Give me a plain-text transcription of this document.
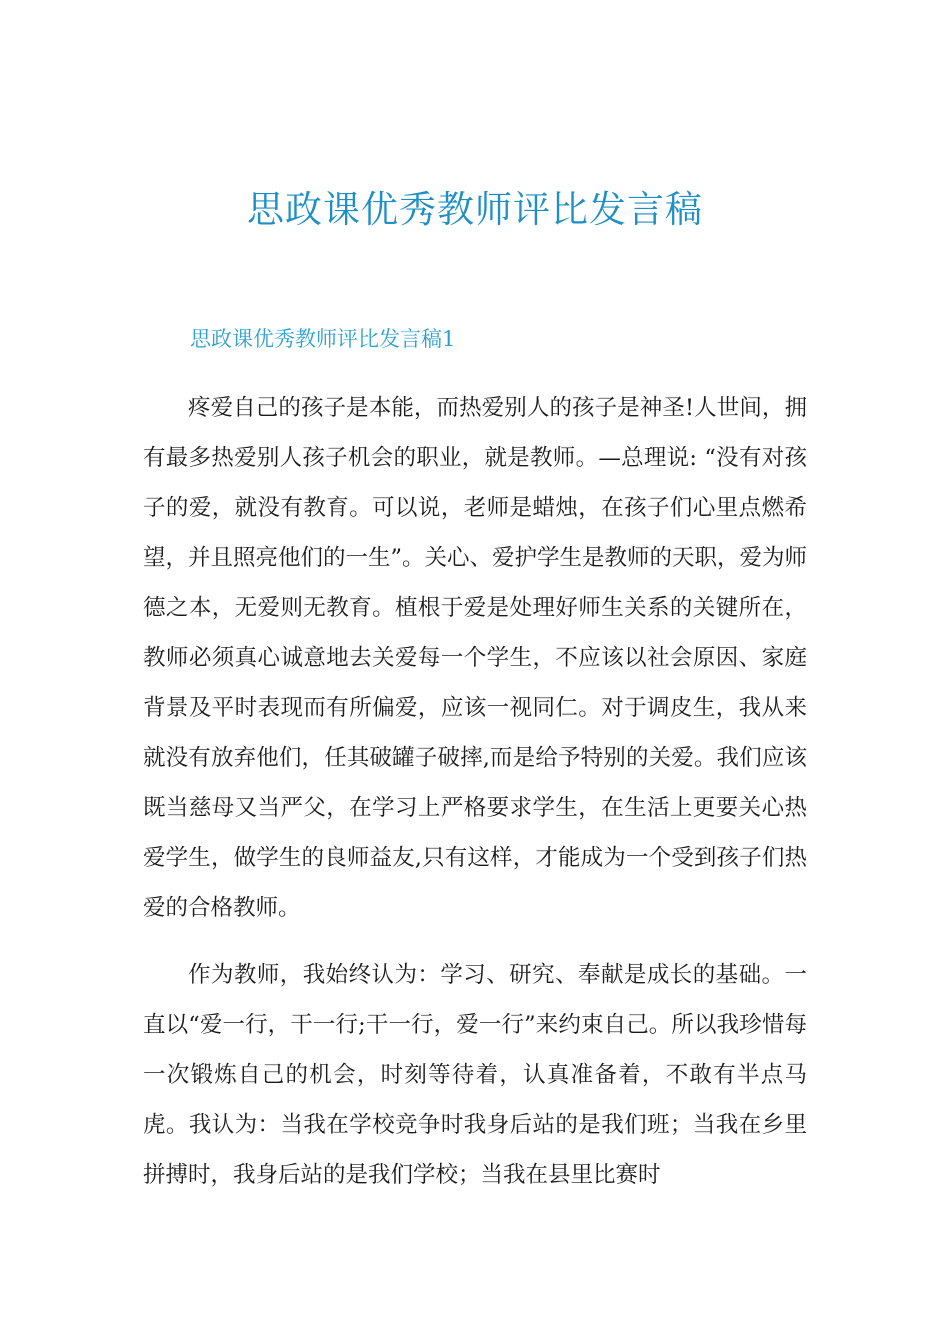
思政课优秀教师评比发言稿
思政课优秀教师评比发言稿1

疼爱自己的孩子是本能，而热爱别人的孩子是神圣!人世间，拥有最多热爱别人孩子机会的职业，就是教师。—总理说: “没有对孩子的爱，就没有教育。可以说，老师是蜡烛，在孩子们心里点燃希望，并且照亮他们的一生”。关心、爱护学生是教师的天职，爱为师德之本，无爱则无教育。植根于爱是处理好师生关系的关键所在，教师必须真心诚意地去关爱每一个学生，不应该以社会原因、家庭背景及平时表现而有所偏爱，应该一视同仁。对于调皮生，我从来就没有放弃他们，任其破罐子破摔,而是给予特别的关爱。我们应该既当慈母又当严父，在学习上严格要求学生，在生活上更要关心热爱学生，做学生的良师益友,只有这样，才能成为一个受到孩子们热爱的合格教师。

作为教师，我始终认为：学习、研究、奉献是成长的基础。一直以“爱一行，干一行;干一行，爱一行”来约束自己。所以我珍惜每一次锻炼自己的机会，时刻等待着，认真准备着，不敢有半点马虎。我认为：当我在学校竞争时我身后站的是我们班；当我在乡里拼搏时，我身后站的是我们学校；当我在县里比赛时
